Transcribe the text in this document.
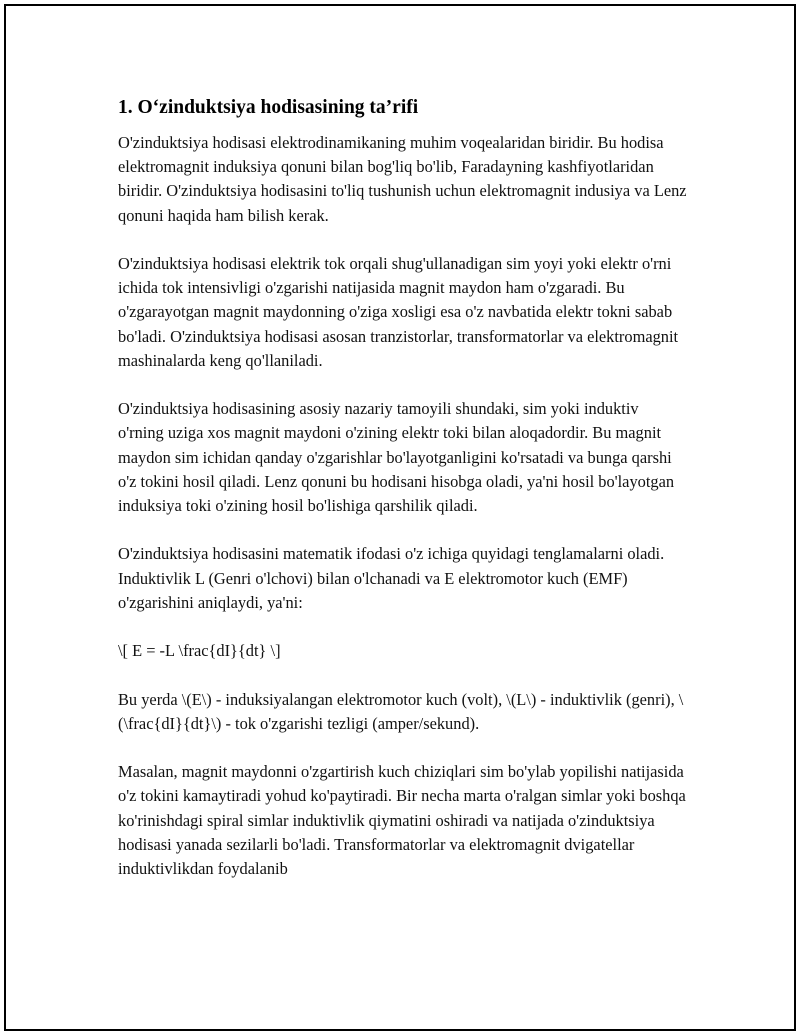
1. O‘zinduktsiya hodisasining ta’rifi

O'zinduktsiya hodisasi elektrodinamikaning muhim voqealaridan biridir. Bu hodisa elektromagnit induksiya qonuni bilan bog'liq bo'lib, Faradayning kashfiyotlaridan biridir. O'zinduktsiya hodisasini to'liq tushunish uchun elektromagnit indusiya va Lenz qonuni haqida ham bilish kerak.

O'zinduktsiya hodisasi elektrik tok orqali shug'ullanadigan sim yoyi yoki elektr o'rni ichida tok intensivligi o'zgarishi natijasida magnit maydon ham o'zgaradi. Bu o'zgarayotgan magnit maydonning o'ziga xosligi esa o'z navbatida elektr tokni sabab bo'ladi. O'zinduktsiya hodisasi asosan tranzistorlar, transformatorlar va elektromagnit mashinalarda keng qo'llaniladi.

O'zinduktsiya hodisasining asosiy nazariy tamoyili shundaki, sim yoki induktiv o'rning uziga xos magnit maydoni o'zining elektr toki bilan aloqadordir. Bu magnit maydon sim ichidan qanday o'zgarishlar bo'layotganligini ko'rsatadi va bunga qarshi o'z tokini hosil qiladi. Lenz qonuni bu hodisani hisobga oladi, ya'ni hosil bo'layotgan induksiya toki o'zining hosil bo'lishiga qarshilik qiladi.

O'zinduktsiya hodisasini matematik ifodasi o'z ichiga quyidagi tenglamalarni oladi. Induktivlik L (Genri o'lchovi) bilan o'lchanadi va E elektromotor kuch (EMF) o'zgarishini aniqlaydi, ya'ni:

\[ E = -L \frac{dI}{dt} \]

Bu yerda \(E\) - induksiyalangan elektromotor kuch (volt), \(L\) - induktivlik (genri), \(\frac{dI}{dt}\) - tok o'zgarishi tezligi (amper/sekund).

Masalan, magnit maydonni o'zgartirish kuch chiziqlari sim bo'ylab yopilishi natijasida o'z tokini kamaytiradi yohud ko'paytiradi. Bir necha marta o'ralgan simlar yoki boshqa ko'rinishdagi spiral simlar induktivlik qiymatini oshiradi va natijada o'zinduktsiya hodisasi yanada sezilarli bo'ladi. Transformatorlar va elektromagnit dvigatellar induktivlikdan foydalanib
